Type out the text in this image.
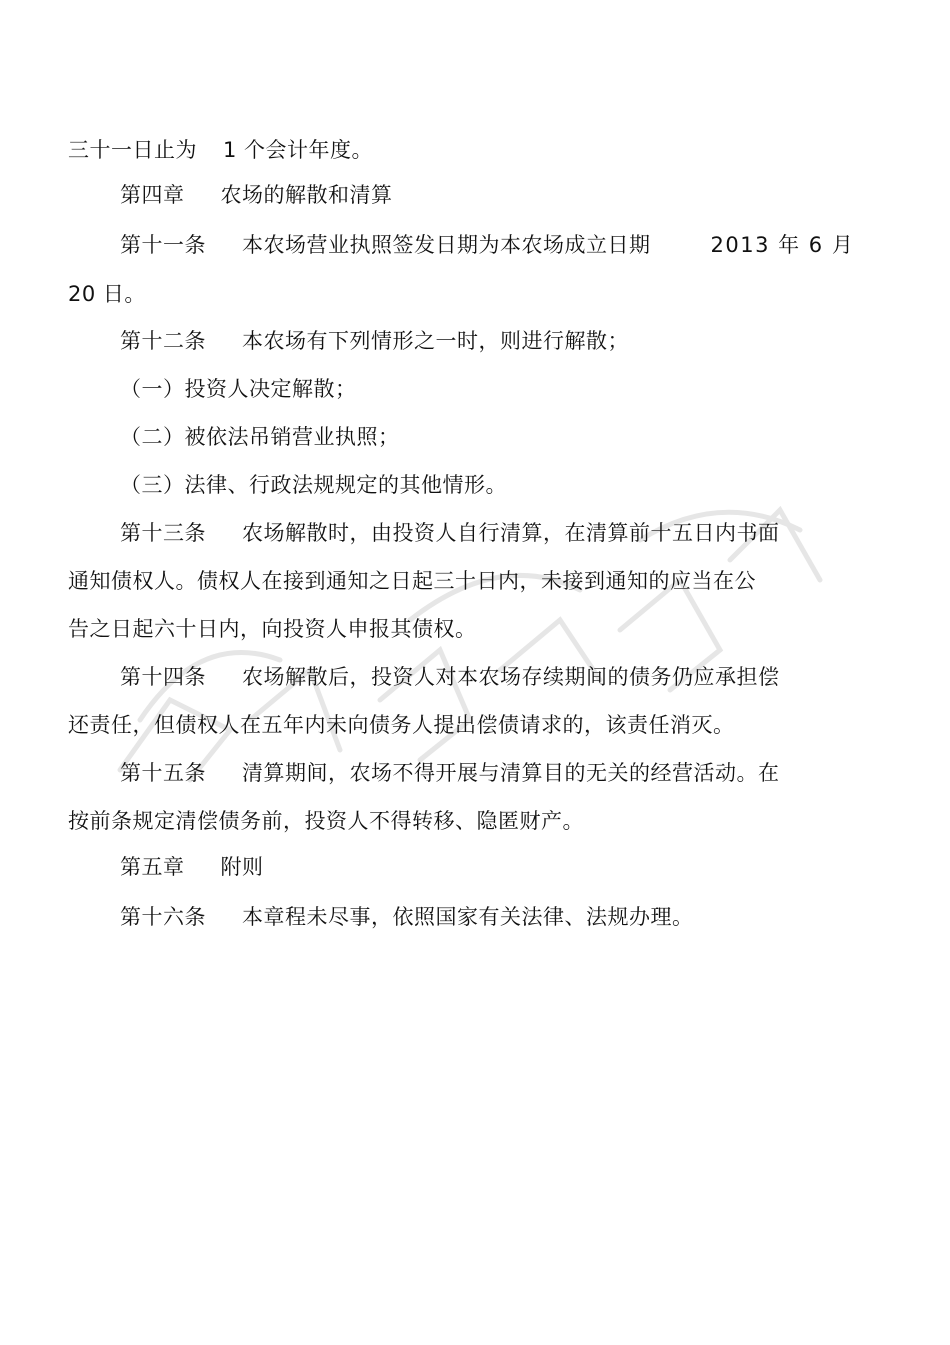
三十一日止为 1 个会计年度。
第四章 农场的解散和清算
第十一条 本农场营业执照签发日期为本农场成立日期	2013 年 6 月
20 日。
第十二条 本农场有下列情形之一时，则进行解散；
（一）投资人决定解散；
（二）被依法吊销营业执照；
（三）法律、行政法规规定的其他情形。
第十三条 农场解散时，由投资人自行清算，在清算前十五日内书面
通知债权人。债权人在接到通知之日起三十日内，未接到通知的应当在公
告之日起六十日内，向投资人申报其债权。
第十四条 农场解散后，投资人对本农场存续期间的债务仍应承担偿
还责任，但债权人在五年内未向债务人提出偿债请求的，该责任消灭。
第十五条 清算期间，农场不得开展与清算目的无关的经营活动。在
按前条规定清偿债务前，投资人不得转移、隐匿财产。
第五章 附则
第十六条 本章程未尽事，依照国家有关法律、法规办理。
